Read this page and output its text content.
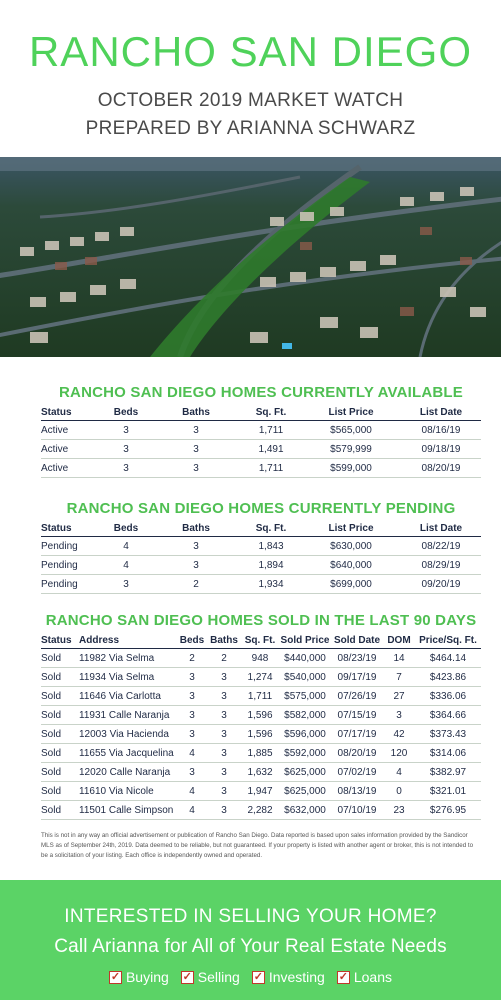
RANCHO SAN DIEGO
OCTOBER 2019 MARKET WATCH
PREPARED BY ARIANNA SCHWARZ
RANCHO SAN DIEGO HOMES CURRENTLY AVAILABLE
Status	Beds	Baths	Sq. Ft.	List Price	List Date
Active	3	3	1,711	$565,000	08/16/19
Active	3	3	1,491	$579,999	09/18/19
Active	3	3	1,711	$599,000	08/20/19
RANCHO SAN DIEGO HOMES CURRENTLY PENDING
Status	Beds	Baths	Sq. Ft.	List Price	List Date
Pending	4	3	1,843	$630,000	08/22/19
Pending	4	3	1,894	$640,000	08/29/19
Pending	3	2	1,934	$699,000	09/20/19
RANCHO SAN DIEGO HOMES SOLD IN THE LAST 90 DAYS
Status	Address	Beds	Baths	Sq. Ft.	Sold Price	Sold Date	DOM	Price/Sq. Ft.
Sold	11982 Via Selma	2	2	948	$440,000	08/23/19	14	$464.14
Sold	11934 Via Selma	3	3	1,274	$540,000	09/17/19	7	$423.86
Sold	11646 Via Carlotta	3	3	1,711	$575,000	07/26/19	27	$336.06
Sold	11931 Calle Naranja	3	3	1,596	$582,000	07/15/19	3	$364.66
Sold	12003 Via Hacienda	3	3	1,596	$596,000	07/17/19	42	$373.43
Sold	11655 Via Jacquelina	4	3	1,885	$592,000	08/20/19	120	$314.06
Sold	12020 Calle Naranja	3	3	1,632	$625,000	07/02/19	4	$382.97
Sold	11610 Via Nicole	4	3	1,947	$625,000	08/13/19	0	$321.01
Sold	11501 Calle Simpson	4	3	2,282	$632,000	07/10/19	23	$276.95
This is not in any way an official advertisement or publication of Rancho San Diego. Data reported is based upon sales information provided by the Sandicor MLS as of September 24th, 2019. Data deemed to be reliable, but not guaranteed. If your property is listed with another agent or broker, this is not intended to be a solicitation of your listing. Each office is independently owned and operated.
INTERESTED IN SELLING YOUR HOME?
Call Arianna for All of Your Real Estate Needs
✓ Buying ✓ Selling ✓ Investing ✓ Loans
